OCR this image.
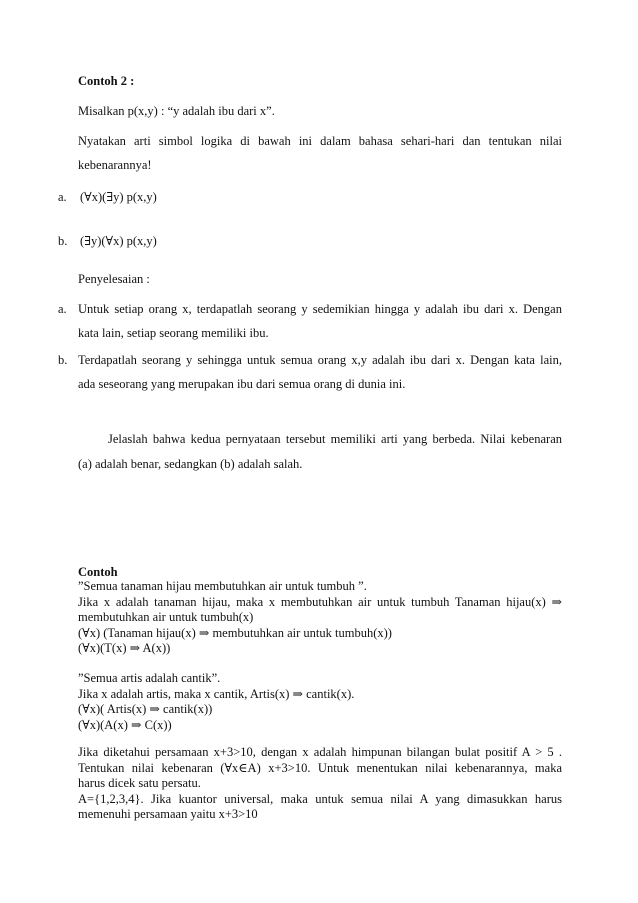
Contoh 2 :
Misalkan p(x,y) : “y adalah ibu dari x”.
Nyatakan arti simbol logika di bawah ini dalam bahasa sehari-hari dan tentukan nilai
kebenarannya!
a. (∀x)(∃y) p(x,y)
b. (∃y)(∀x) p(x,y)
Penyelesaian :
a. Untuk setiap orang x, terdapatlah seorang y sedemikian hingga y adalah ibu dari x. Dengan
kata lain, setiap seorang memiliki ibu.
b. Terdapatlah seorang y sehingga untuk semua orang x,y adalah ibu dari x. Dengan kata lain,
ada seseorang yang merupakan ibu dari semua orang di dunia ini.
Jelaslah bahwa kedua pernyataan tersebut memiliki arti yang berbeda. Nilai kebenaran
(a) adalah benar, sedangkan (b) adalah salah.
Contoh
”Semua tanaman hijau membutuhkan air untuk tumbuh ”.
Jika x adalah tanaman hijau, maka x membutuhkan air untuk tumbuh Tanaman hijau(x) ⇒
membutuhkan air untuk tumbuh(x)
(∀x) (Tanaman hijau(x) ⇒ membutuhkan air untuk tumbuh(x))
(∀x)(T(x) ⇒ A(x))
”Semua artis adalah cantik”.
Jika x adalah artis, maka x cantik, Artis(x) ⇒ cantik(x).
(∀x)( Artis(x) ⇒ cantik(x))
(∀x)(A(x) ⇒ C(x))
Jika diketahui persamaan x+3>10, dengan x adalah himpunan bilangan bulat positif A > 5 .
Tentukan nilai kebenaran (∀x∈A) x+3>10. Untuk menentukan nilai kebenarannya, maka
harus dicek satu persatu.
A={1,2,3,4}. Jika kuantor universal, maka untuk semua nilai A yang dimasukkan harus
memenuhi persamaan yaitu x+3>10
